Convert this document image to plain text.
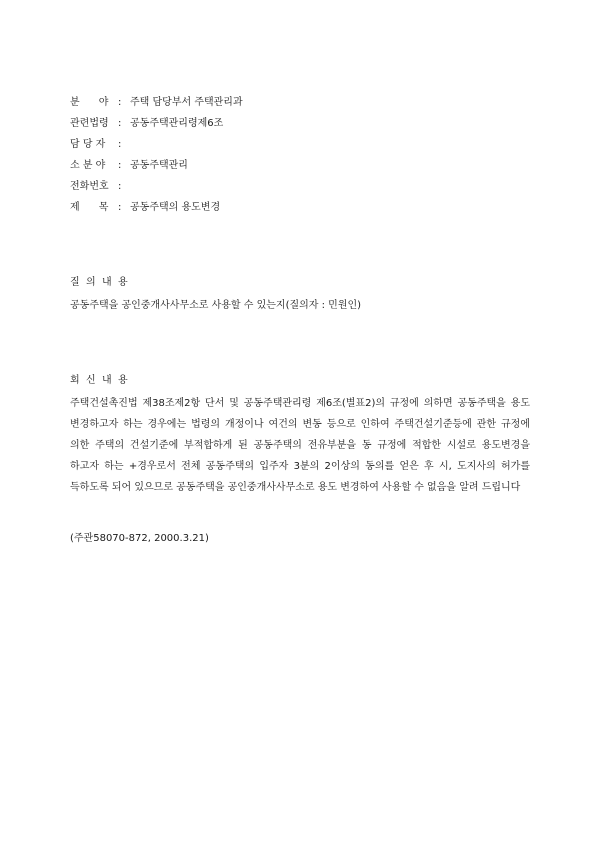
분      야 : 주택 담당부서 주택관리과
관련법령 : 공동주택관리령제6조
담 당 자	:
소 분 야	: 공동주택관리
전화번호 :
제      목 : 공동주택의 용도변경
질  의  내  용
공동주택을 공인중개사사무소로 사용할 수 있는지(질의자 : 민원인)
회  신  내  용
주택건설촉진법 제38조제2항 단서 및 공동주택관리령 제6조(별표2)의 규정에 의하면 공동주택을 용도 변경하고자 하는 경우에는 법령의 개정이나 여건의 변동 등으로 인하여 주택건설기준등에 관한 규정에 의한 주택의 건설기준에 부적합하게 된 공동주택의 전유부분을 동 규정에 적합한 시설로 용도변경을 하고자 하는 +경우로서 전체 공동주택의 입주자 3분의 2이상의 동의를 얻은 후 시, 도지사의 허가를 득하도록 되어 있으므로 공동주택을 공인중개사사무소로 용도 변경하여 사용할 수 없음을 알려 드립니다
(주관58070-872, 2000.3.21)
